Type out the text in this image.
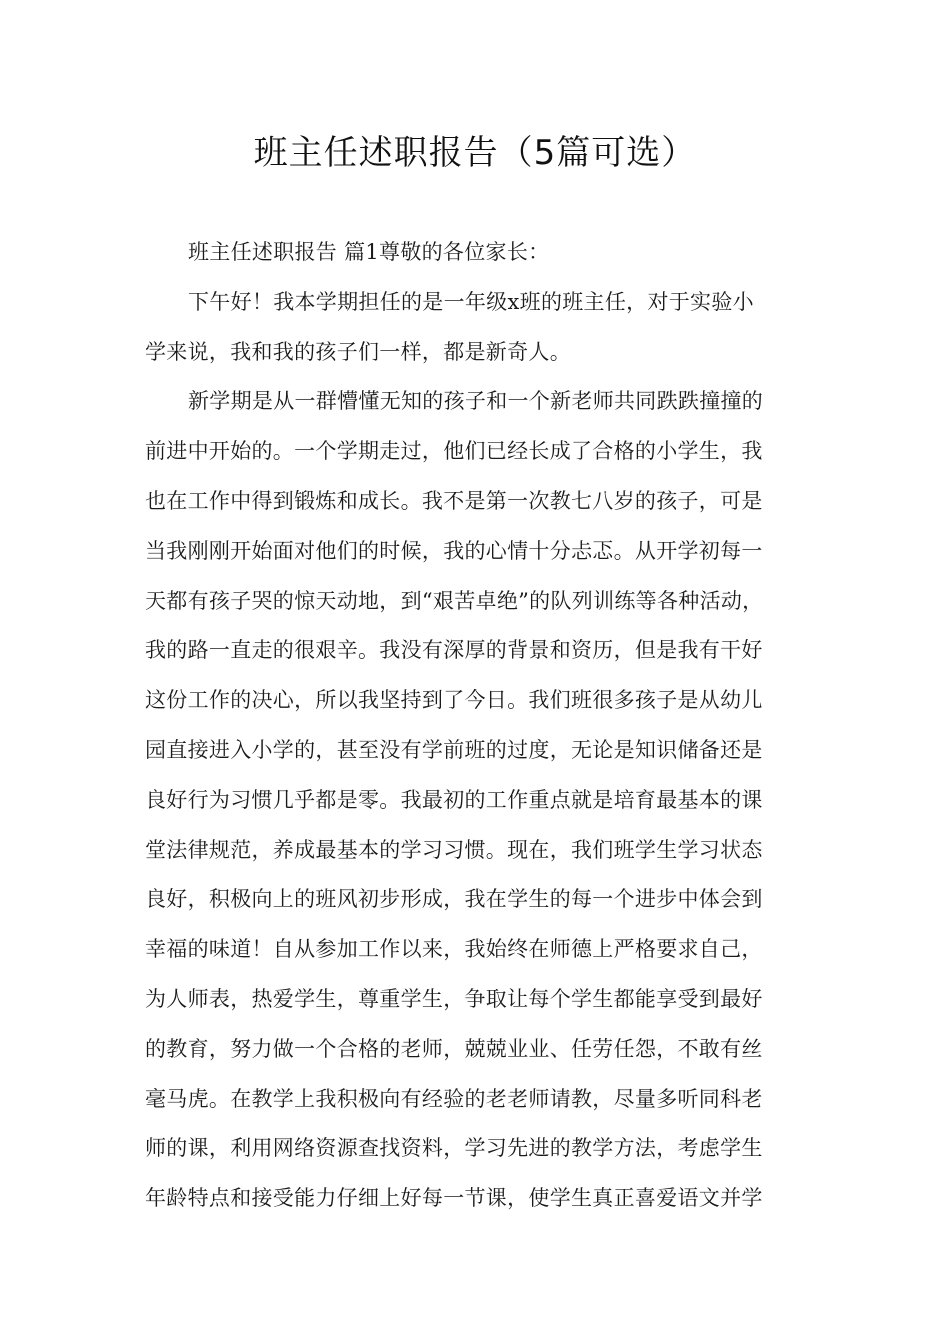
班主任述职报告（5篇可选）
班主任述职报告 篇1尊敬的各位家长：
下午好！我本学期担任的是一年级x班的班主任，对于实验小
学来说，我和我的孩子们一样，都是新奇人。
新学期是从一群懵懂无知的孩子和一个新老师共同跌跌撞撞的
前进中开始的。一个学期走过，他们已经长成了合格的小学生，我
也在工作中得到锻炼和成长。我不是第一次教七八岁的孩子，可是
当我刚刚开始面对他们的时候，我的心情十分忐忑。从开学初每一
天都有孩子哭的惊天动地，到“艰苦卓绝”的队列训练等各种活动，
我的路一直走的很艰辛。我没有深厚的背景和资历，但是我有干好
这份工作的决心，所以我坚持到了今日。我们班很多孩子是从幼儿
园直接进入小学的，甚至没有学前班的过度，无论是知识储备还是
良好行为习惯几乎都是零。我最初的工作重点就是培育最基本的课
堂法律规范，养成最基本的学习习惯。现在，我们班学生学习状态
良好，积极向上的班风初步形成，我在学生的每一个进步中体会到
幸福的味道！自从参加工作以来，我始终在师德上严格要求自己，
为人师表，热爱学生，尊重学生，争取让每个学生都能享受到最好
的教育，努力做一个合格的老师，兢兢业业、任劳任怨，不敢有丝
毫马虎。在教学上我积极向有经验的老老师请教，尽量多听同科老
师的课，利用网络资源查找资料，学习先进的教学方法，考虑学生
年龄特点和接受能力仔细上好每一节课，使学生真正喜爱语文并学
